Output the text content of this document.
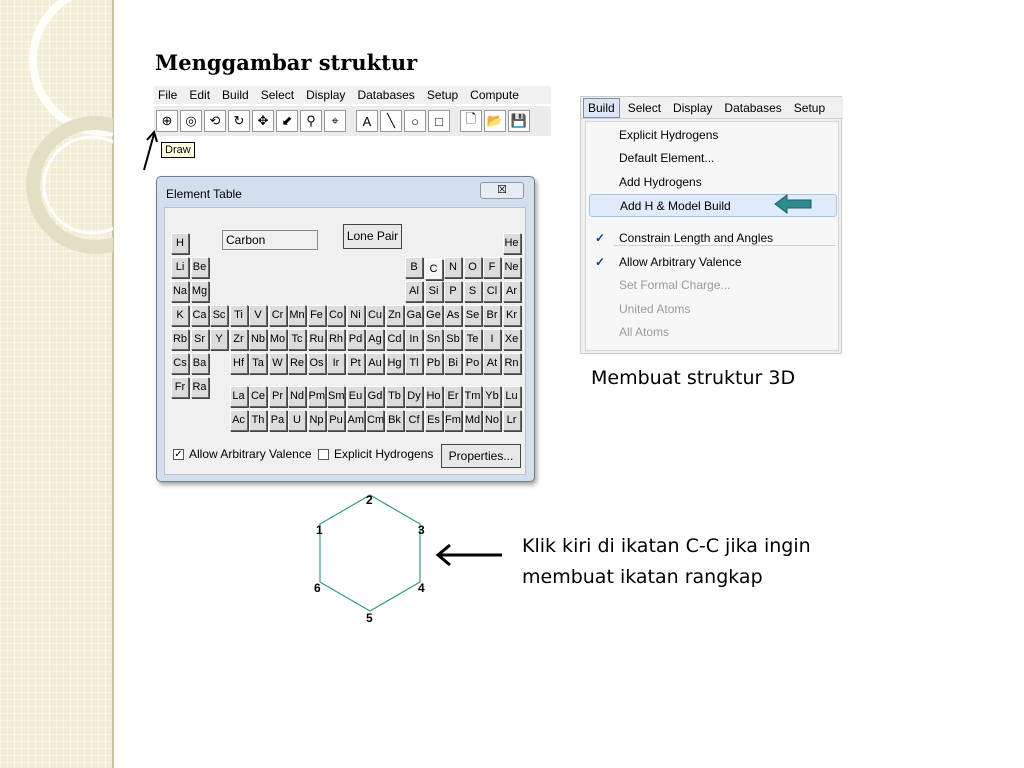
Menggambar struktur
File Edit Build Select Display Databases Setup Compute
⊕ ◎ ⟲	↻	✥	⬋	⚲	⌖	A	╲	○	□	🗋 📂 💾
Draw
Element Table	☒
Carbon	Lone Pair
H	He
Li Be	B	C	N	O	F Ne
Na Mg	Al Si P	S Cl Ar
K Ca Sc Ti	V Cr Mn Fe Co Ni Cu Zn Ga Ge As Se Br Kr
Rb Sr Y Zr Nb Mo Tc Ru Rh Pd Ag Cd In Sn Sb Te	I	Xe
Cs Ba	Hf Ta W Re Os Ir Pt Au Hg Tl Pb Bi Po At Rn
Fr Ra
La Ce Pr Nd Pm Sm Eu Gd Tb Dy Ho Er Tm Yb Lu
Ac Th Pa U Np Pu Am Cm Bk Cf Es Fm Md No Lr
✓ Allow Arbitrary Valence Explicit Hydrogens	Properties...
Build	Select	Display	Databases	Setup
Explicit Hydrogens
Default Element...
Add Hydrogens
Add H & Model Build
✓ Constrain Length and Angles
✓ Allow Arbitrary Valence
Set Formal Charge...
United Atoms
All Atoms
Membuat struktur 3D
1
2
3
4
5
6
Klik kiri di ikatan C-C jika ingin membuat ikatan rangkap
